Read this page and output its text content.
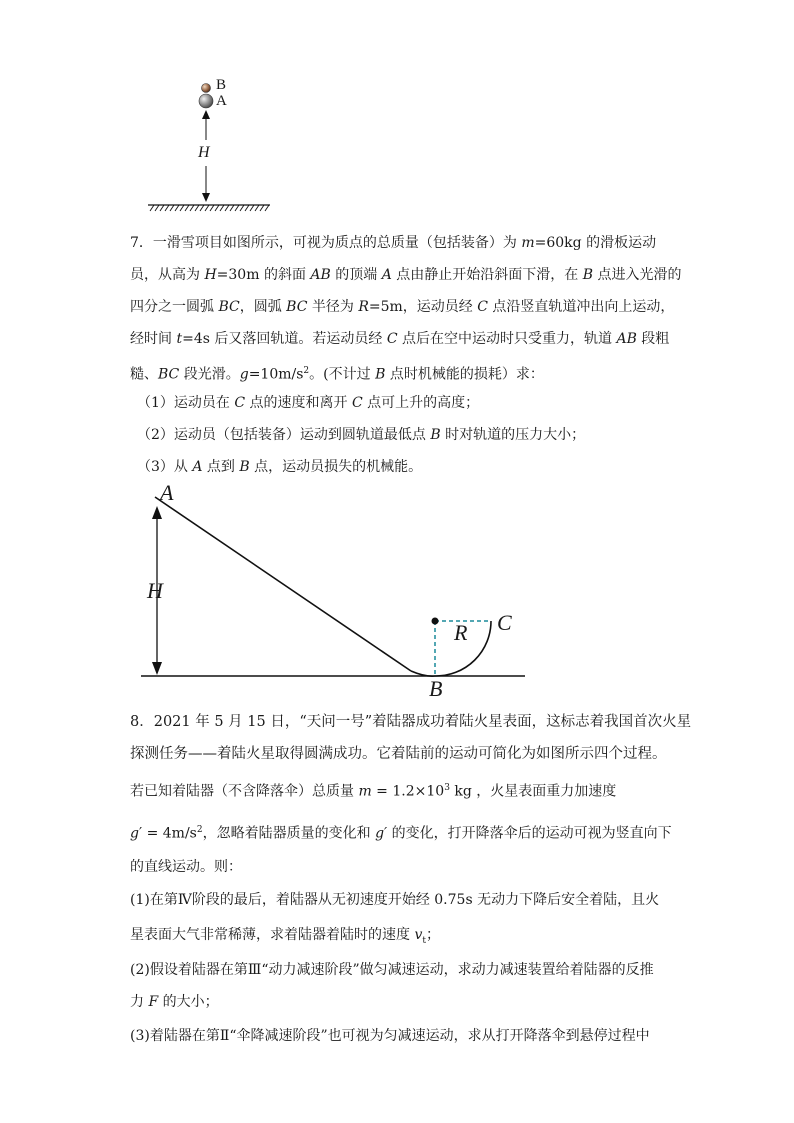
B
A
H
7．一滑雪项目如图所示，可视为质点的总质量（包括装备）为 m=60kg 的滑板运动
员，从高为 H=30m 的斜面 AB 的顶端 A 点由静止开始沿斜面下滑，在 B 点进入光滑的
四分之一圆弧 BC，圆弧 BC 半径为 R=5m，运动员经 C 点沿竖直轨道冲出向上运动，
经时间 t=4s 后又落回轨道。若运动员经 C 点后在空中运动时只受重力，轨道 AB 段粗
糙、BC 段光滑。$g=10m/s^2$。(不计过 B 点时机械能的损耗）求：
（1）运动员在 C 点的速度和离开 C 点可上升的高度；
（2）运动员（包括装备）运动到圆轨道最低点 B 时对轨道的压力大小；
（3）从 A 点到 B 点，运动员损失的机械能。
A
H
R C
B
8．2021 年 5 月 15 日，“天问一号”着陆器成功着陆火星表面，这标志着我国首次火星
探测任务——着陆火星取得圆满成功。它着陆前的运动可简化为如图所示四个过程。
若已知着陆器（不含降落伞）总质量 $m = 1.2\times 10^3$ kg ，火星表面重力加速度
$g' = 4m/s^2$，忽略着陆器质量的变化和 g′ 的变化，打开降落伞后的运动可视为竖直向下
的直线运动。则：
(1)在第Ⅳ阶段的最后，着陆器从无初速度开始经 0.75s 无动力下降后安全着陆，且火
星表面大气非常稀薄，求着陆器着陆时的速度 $v_t$；
(2)假设着陆器在第Ⅲ“动力减速阶段”做匀减速运动，求动力减速装置给着陆器的反推
力 F 的大小；
(3)着陆器在第Ⅱ“伞降减速阶段”也可视为匀减速运动，求从打开降落伞到悬停过程中
